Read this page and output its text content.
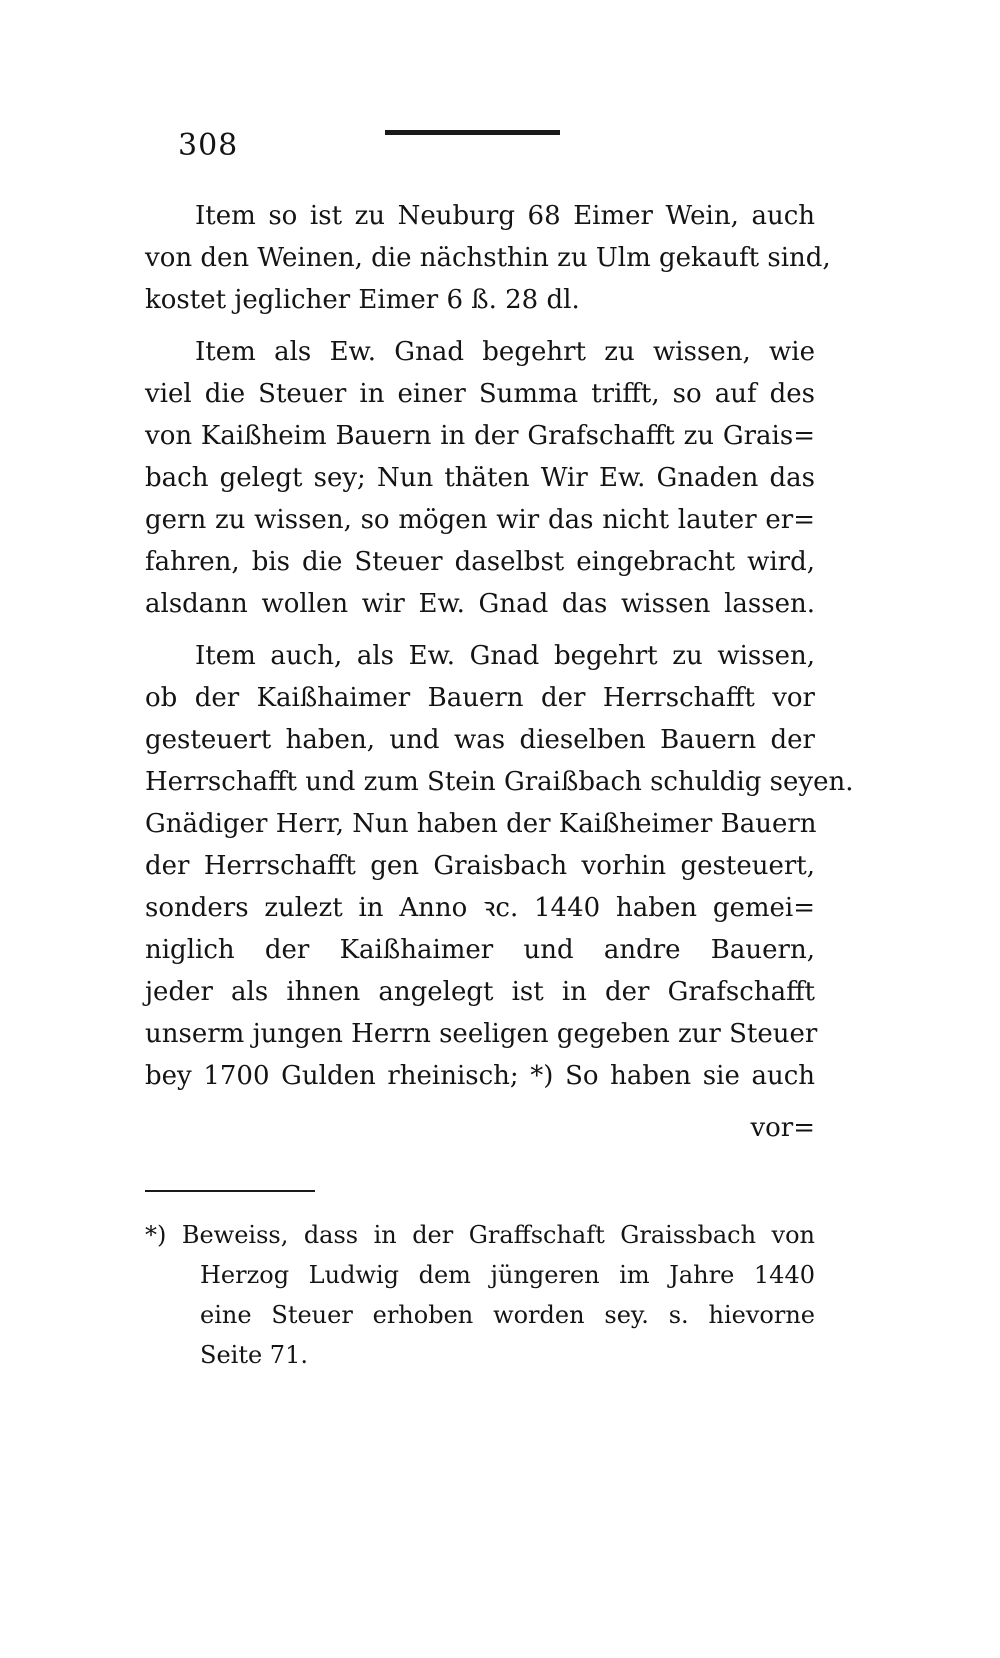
308
Item so ist zu Neuburg 68 Eimer Wein, auch
von den Weinen, die nächsthin zu Ulm gekauft sind,
kostet jeglicher Eimer 6 ß. 28 dl.
Item als Ew. Gnad begehrt zu wissen, wie
viel die Steuer in einer Summa trifft, so auf des
von Kaißheim Bauern in der Grafschafft zu Grais=
bach gelegt sey; Nun thäten Wir Ew. Gnaden das
gern zu wissen, so mögen wir das nicht lauter er=
fahren, bis die Steuer daselbst eingebracht wird,
alsdann wollen wir Ew. Gnad das wissen lassen.
Item auch, als Ew. Gnad begehrt zu wissen,
ob der Kaißhaimer Bauern der Herrschafft vor
gesteuert haben, und was dieselben Bauern der
Herrschafft und zum Stein Graißbach schuldig seyen.
Gnädiger Herr, Nun haben der Kaißheimer Bauern
der Herrschafft gen Graisbach vorhin gesteuert,
sonders zulezt in Anno ꝛc. 1440 haben gemei=
niglich der Kaißhaimer und andre Bauern,
jeder als ihnen angelegt ist in der Grafschafft
unserm jungen Herrn seeligen gegeben zur Steuer
bey 1700 Gulden rheinisch; *) So haben sie auch
vor=
*) Beweiss, dass in der Graffschaft Graissbach von
Herzog Ludwig dem jüngeren im Jahre 1440
eine Steuer erhoben worden sey. s. hievorne
Seite 71.
